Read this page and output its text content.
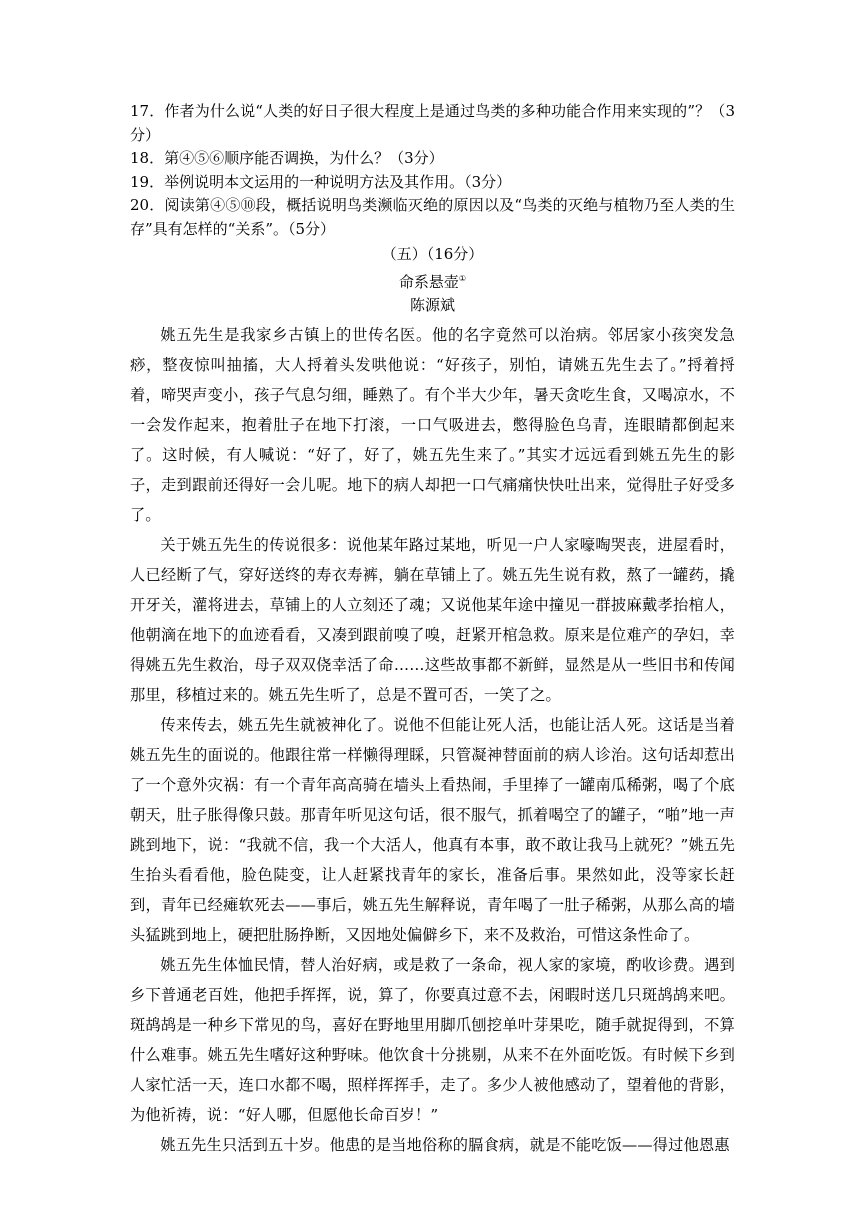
17．作者为什么说“人类的好日子很大程度上是通过鸟类的多种功能合作用来实现的”？（3分）

18．第④⑤⑥顺序能否调换，为什么？（3分）

19．举例说明本文运用的一种说明方法及其作用。（3分）

20．阅读第④⑤⑩段，概括说明鸟类濒临灭绝的原因以及“鸟类的灭绝与植物乃至人类的生存”具有怎样的“关系”。（5分）

（五）（16分）

命系悬壶①

陈源斌

姚五先生是我家乡古镇上的世传名医。他的名字竟然可以治病。邻居家小孩突发急痧，整夜惊叫抽搐，大人捋着头发哄他说：“好孩子，别怕，请姚五先生去了。”捋着捋着，啼哭声变小，孩子气息匀细，睡熟了。有个半大少年，暑天贪吃生食，又喝凉水，不一会发作起来，抱着肚子在地下打滚，一口气吸进去，憋得脸色乌青，连眼睛都倒起来了。这时候，有人喊说：“好了，好了，姚五先生来了。”其实才远远看到姚五先生的影子，走到跟前还得好一会儿呢。地下的病人却把一口气痛痛快快吐出来，觉得肚子好受多了。

关于姚五先生的传说很多：说他某年路过某地，听见一户人家嚎啕哭丧，进屋看时，人已经断了气，穿好送终的寿衣寿裤，躺在草铺上了。姚五先生说有救，熬了一罐药，撬开牙关，灌将进去，草铺上的人立刻还了魂；又说他某年途中撞见一群披麻戴孝抬棺人，他朝滴在地下的血迹看看，又凑到跟前嗅了嗅，赶紧开棺急救。原来是位难产的孕妇，幸得姚五先生救治，母子双双侥幸活了命……这些故事都不新鲜，显然是从一些旧书和传闻那里，移植过来的。姚五先生听了，总是不置可否，一笑了之。

传来传去，姚五先生就被神化了。说他不但能让死人活，也能让活人死。这话是当着姚五先生的面说的。他跟往常一样懒得理睬，只管凝神替面前的病人诊治。这句话却惹出了一个意外灾祸：有一个青年高高骑在墙头上看热闹，手里捧了一罐南瓜稀粥，喝了个底朝天，肚子胀得像只鼓。那青年听见这句话，很不服气，抓着喝空了的罐子，“啪”地一声跳到地下，说：“我就不信，我一个大活人，他真有本事，敢不敢让我马上就死？”姚五先生抬头看看他，脸色陡变，让人赶紧找青年的家长，准备后事。果然如此，没等家长赶到，青年已经瘫软死去——事后，姚五先生解释说，青年喝了一肚子稀粥，从那么高的墙头猛跳到地上，硬把肚肠挣断，又因地处偏僻乡下，来不及救治，可惜这条性命了。

姚五先生体恤民情，替人治好病，或是救了一条命，视人家的家境，酌收诊费。遇到乡下普通老百姓，他把手挥挥，说，算了，你要真过意不去，闲暇时送几只斑鸪鸪来吧。斑鸪鸪是一种乡下常见的鸟，喜好在野地里用脚爪刨挖单叶芽果吃，随手就捉得到，不算什么难事。姚五先生嗜好这种野味。他饮食十分挑剔，从来不在外面吃饭。有时候下乡到人家忙活一天，连口水都不喝，照样挥挥手，走了。多少人被他感动了，望着他的背影，为他祈祷，说：“好人哪，但愿他长命百岁！”

姚五先生只活到五十岁。他患的是当地俗称的膈食病，就是不能吃饭——得过他恩惠
